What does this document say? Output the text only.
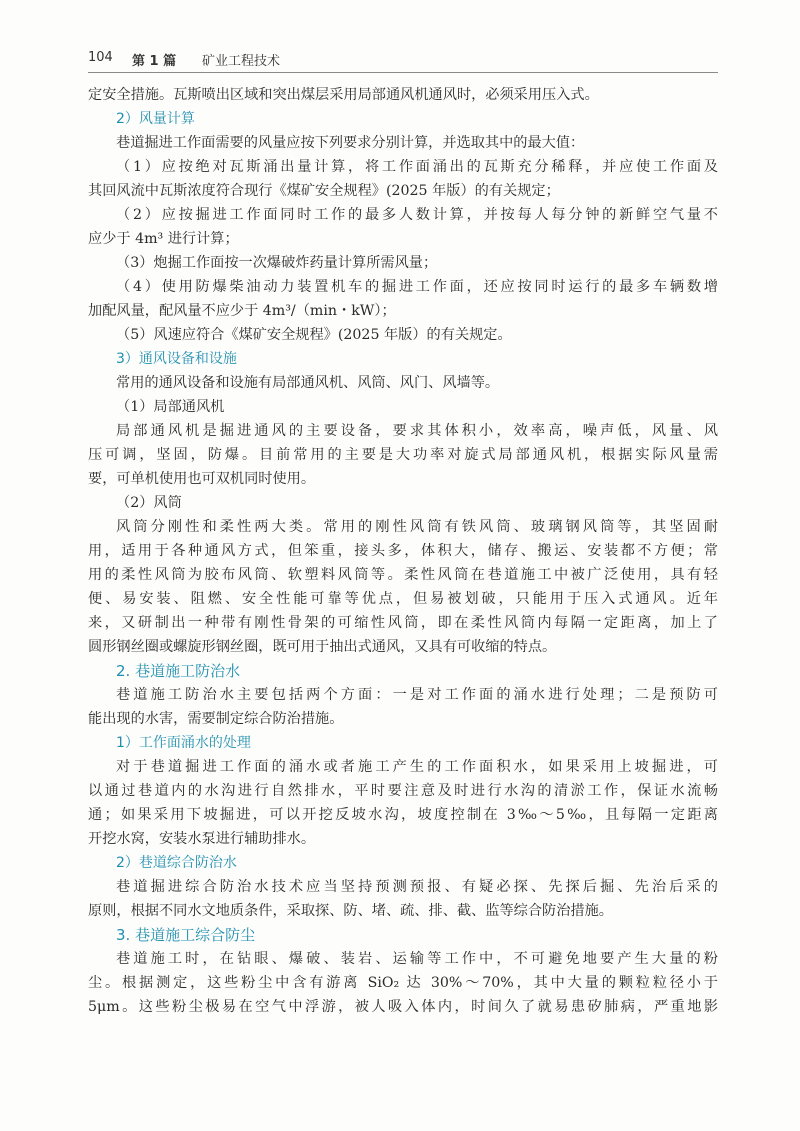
104 第 1 篇 矿业工程技术
定安全措施。瓦斯喷出区域和突出煤层采用局部通风机通风时，必须采用压入式。
2）风量计算
巷道掘进工作面需要的风量应按下列要求分别计算，并选取其中的最大值：
（1）应按绝对瓦斯涌出量计算，将工作面涌出的瓦斯充分稀释，并应使工作面及
其回风流中瓦斯浓度符合现行《煤矿安全规程》(2025 年版）的有关规定；
（2）应按掘进工作面同时工作的最多人数计算，并按每人每分钟的新鲜空气量不
应少于 4m³ 进行计算；
（3）炮掘工作面按一次爆破炸药量计算所需风量；
（4）使用防爆柴油动力装置机车的掘进工作面，还应按同时运行的最多车辆数增
加配风量，配风量不应少于 4m³/（min・kW）；
（5）风速应符合《煤矿安全规程》(2025 年版）的有关规定。
3）通风设备和设施
常用的通风设备和设施有局部通风机、风筒、风门、风墙等。
（1）局部通风机
局部通风机是掘进通风的主要设备，要求其体积小，效率高，噪声低，风量、风
压可调，坚固，防爆。目前常用的主要是大功率对旋式局部通风机，根据实际风量需
要，可单机使用也可双机同时使用。
（2）风筒
风筒分刚性和柔性两大类。常用的刚性风筒有铁风筒、玻璃钢风筒等，其坚固耐
用，适用于各种通风方式，但笨重，接头多，体积大，储存、搬运、安装都不方便；常
用的柔性风筒为胶布风筒、软塑料风筒等。柔性风筒在巷道施工中被广泛使用，具有轻
便、易安装、阻燃、安全性能可靠等优点，但易被划破，只能用于压入式通风。近年
来，又研制出一种带有刚性骨架的可缩性风筒，即在柔性风筒内每隔一定距离，加上了
圆形钢丝圈或螺旋形钢丝圈，既可用于抽出式通风，又具有可收缩的特点。
2. 巷道施工防治水
巷道施工防治水主要包括两个方面：一是对工作面的涌水进行处理；二是预防可
能出现的水害，需要制定综合防治措施。
1）工作面涌水的处理
对于巷道掘进工作面的涌水或者施工产生的工作面积水，如果采用上坡掘进，可
以通过巷道内的水沟进行自然排水，平时要注意及时进行水沟的清淤工作，保证水流畅
通；如果采用下坡掘进，可以开挖反坡水沟，坡度控制在 3‰～5‰，且每隔一定距离
开挖水窝，安装水泵进行辅助排水。
2）巷道综合防治水
巷道掘进综合防治水技术应当坚持预测预报、有疑必探、先探后掘、先治后采的
原则，根据不同水文地质条件，采取探、防、堵、疏、排、截、监等综合防治措施。
3. 巷道施工综合防尘
巷道施工时，在钻眼、爆破、装岩、运输等工作中，不可避免地要产生大量的粉
尘。根据测定，这些粉尘中含有游离 SiO₂ 达 30%～70%，其中大量的颗粒粒径小于
5μm。这些粉尘极易在空气中浮游，被人吸入体内，时间久了就易患矽肺病，严重地影
